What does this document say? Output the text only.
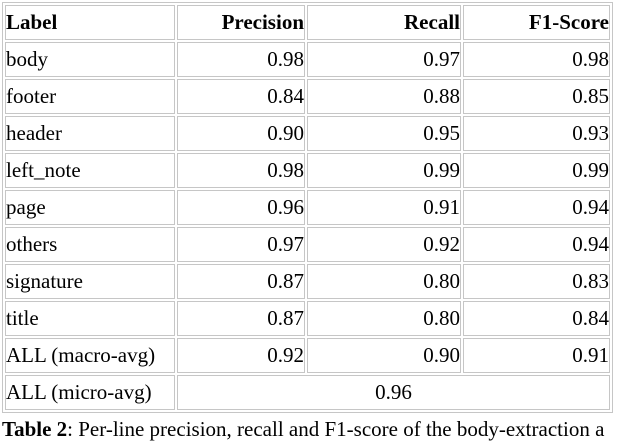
Label	Precision	Recall	F1-Score
body	0.98	0.97	0.98
footer	0.84	0.88	0.85
header	0.90	0.95	0.93
left_note	0.98	0.99	0.99
page	0.96	0.91	0.94
others	0.97	0.92	0.94
signature	0.87	0.80	0.83
title	0.87	0.80	0.84
ALL (macro-avg)	0.92	0.90	0.91
ALL (micro-avg)	0.96		
Table 2: Per-line precision, recall and F1-score of the body-extraction a
